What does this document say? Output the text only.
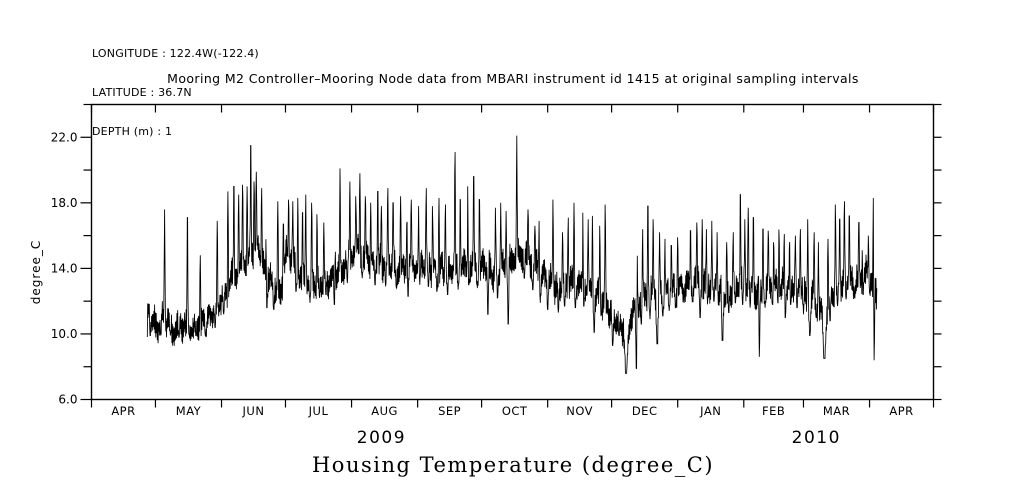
LONGITUDE : 122.4W(-122.4)

LATITUDE : 36.7N

DEPTH (m) : 1

Mooring M2 Controller–Mooring Node data from MBARI instrument id 1415 at original sampling intervals
6.0
10.0
14.0
18.0
22.0
APR	MAY	JUN	JUL	AUG	SEP	OCT	NOV	DEC	JAN	FEB	MAR	APR
2009	2010
degree_C
Housing Temperature (degree_C)
